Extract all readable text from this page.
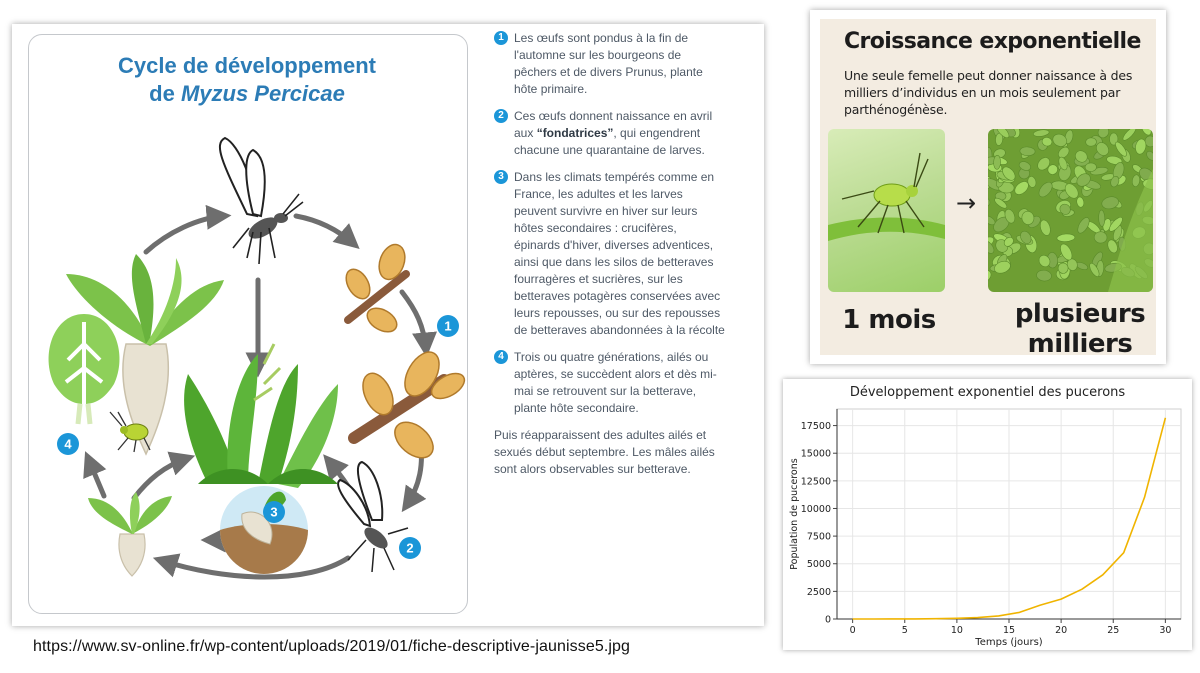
Cycle de développement
de Myzus Percicae
1
2
3
4
1 Les œufs sont pondus à la fin de l'automne sur les bourgeons de pêchers et de divers Prunus, plante hôte primaire.
2 Ces œufs donnent naissance en avril aux “fondatrices”, qui engendrent chacune une quarantaine de larves.
3 Dans les climats tempérés comme en France, les adultes et les larves peuvent survivre en hiver sur leurs hôtes secondaires : crucifères, épinards d'hiver, diverses adventices, ainsi que dans les silos de betteraves fourragères et sucrières, sur les betteraves potagères conservées avec leurs repousses, ou sur des repousses de betteraves abandonnées à la récolte
4 Trois ou quatre générations, ailés ou aptères, se succèdent alors et dès mi-mai se retrouvent sur la betterave, plante hôte secondaire.
Puis réapparaissent des adultes ailés et sexués début septembre. Les mâles ailés sont alors observables sur betterave.
https://www.sv-online.fr/wp-content/uploads/2019/01/fiche-descriptive-jaunisse5.jpg
Croissance exponentielle
Une seule femelle peut donner naissance à des milliers d’individus en un mois seulement par parthénogénèse.
→
1 mois	plusieurs
milliers
Développement exponentiel des pucerons
0	5	10	15	20	25	30
0
2500
5000
7500
10000
12500
15000
17500
Temps (jours)
Population de pucerons
